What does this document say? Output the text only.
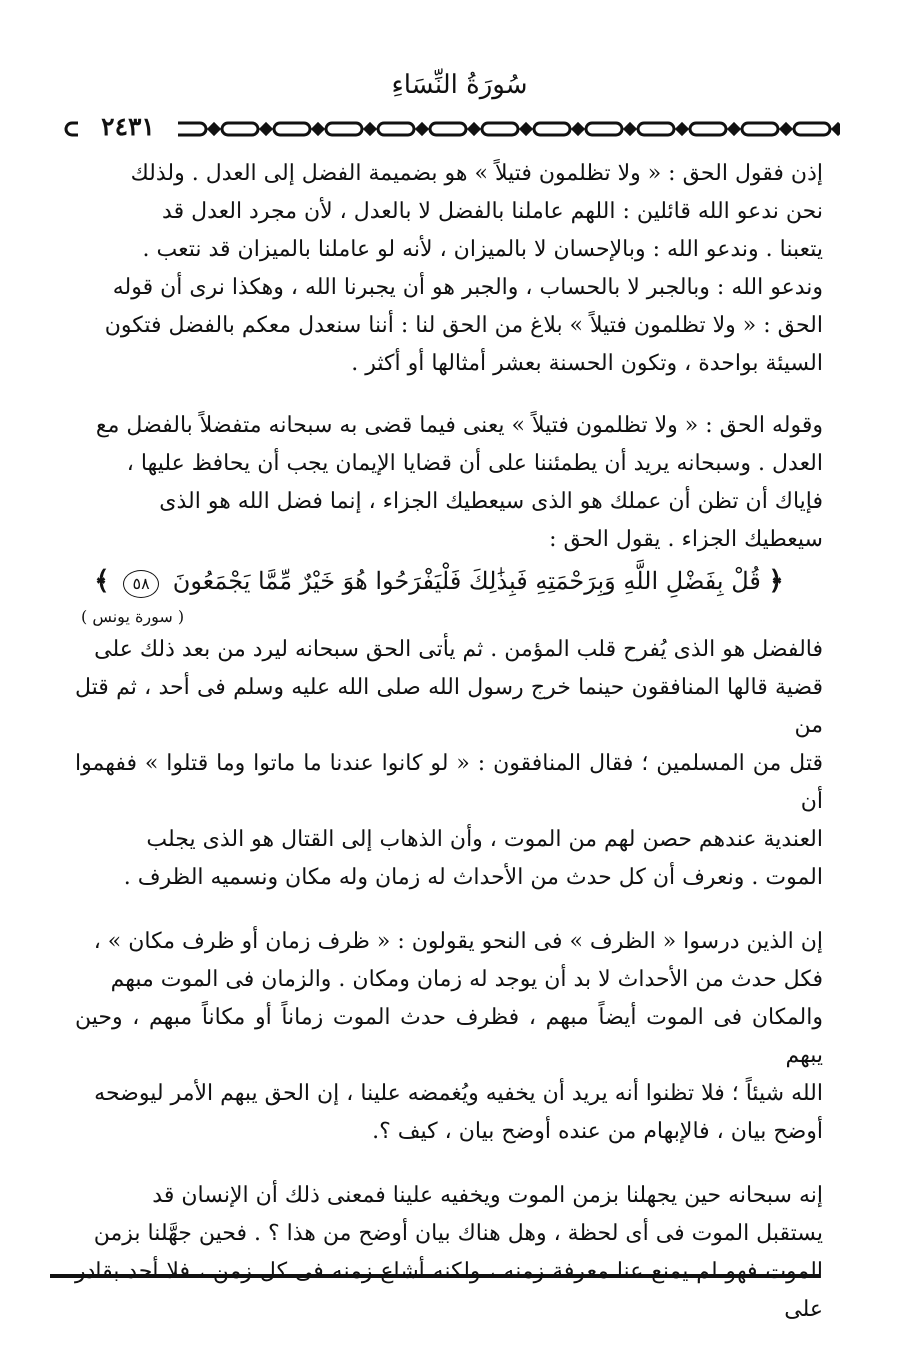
سُورَةُ النِّسَاءِ
٢٤٣١

إذن فقول الحق : « ولا تظلمون فتيلاً » هو بضميمة الفضل إلى العدل . ولذلك

نحن ندعو الله قائلين : اللهم عاملنا بالفضل لا بالعدل ، لأن مجرد العدل قد

يتعبنا . وندعو الله : وبالإحسان لا بالميزان ، لأنه لو عاملنا بالميزان قد نتعب .

وندعو الله : وبالجبر لا بالحساب ، والجبر هو أن يجبرنا الله ، وهكذا نرى أن قوله

الحق : « ولا تظلمون فتيلاً » بلاغ من الحق لنا : أننا سنعدل معكم بالفضل فتكون

السيئة بواحدة ، وتكون الحسنة بعشر أمثالها أو أكثر .

وقوله الحق : « ولا تظلمون فتيلاً » يعنى فيما قضى به سبحانه متفضلاً بالفضل مع

العدل . وسبحانه يريد أن يطمئننا على أن قضايا الإيمان يجب أن يحافظ عليها ،

فإياك أن تظن أن عملك هو الذى سيعطيك الجزاء ، إنما فضل الله هو الذى

سيعطيك الجزاء . يقول الحق :

﴿ قُلْ بِفَضْلِ اللَّهِ وَبِرَحْمَتِهِ فَبِذَٰلِكَ فَلْيَفْرَحُوا هُوَ خَيْرٌ مِّمَّا يَجْمَعُونَ ٥٨ ﴾

( سورة يونس )

فالفضل هو الذى يُفرح قلب المؤمن . ثم يأتى الحق سبحانه ليرد من بعد ذلك على

قضية قالها المنافقون حينما خرج رسول الله صلى الله عليه وسلم فى أحد ، ثم قتل من

قتل من المسلمين ؛ فقال المنافقون : « لو كانوا عندنا ما ماتوا وما قتلوا » ففهموا أن

العندية عندهم حصن لهم من الموت ، وأن الذهاب إلى القتال هو الذى يجلب

الموت . ونعرف أن كل حدث من الأحداث له زمان وله مكان ونسميه الظرف .

إن الذين درسوا « الظرف » فى النحو يقولون : « ظرف زمان أو ظرف مكان » ،

فكل حدث من الأحداث لا بد أن يوجد له زمان ومكان . والزمان فى الموت مبهم

والمكان فى الموت أيضاً مبهم ، فظرف حدث الموت زماناً أو مكاناً مبهم ، وحين يبهم

الله شيئاً ؛ فلا تظنوا أنه يريد أن يخفيه ويُغمضه علينا ، إن الحق يبهم الأمر ليوضحه

أوضح بيان ، فالإبهام من عنده أوضح بيان ، كيف ؟.

إنه سبحانه حين يجهلنا بزمن الموت ويخفيه علينا فمعنى ذلك أن الإنسان قد

يستقبل الموت فى أى لحظة ، وهل هناك بيان أوضح من هذا ؟ . فحين جهَّلنا بزمن

الموت فهو لم يمنع عنا معرفة زمنه ، ولكنه أشاع زمنه فى كل زمن ، فلا أحد بقادر على
